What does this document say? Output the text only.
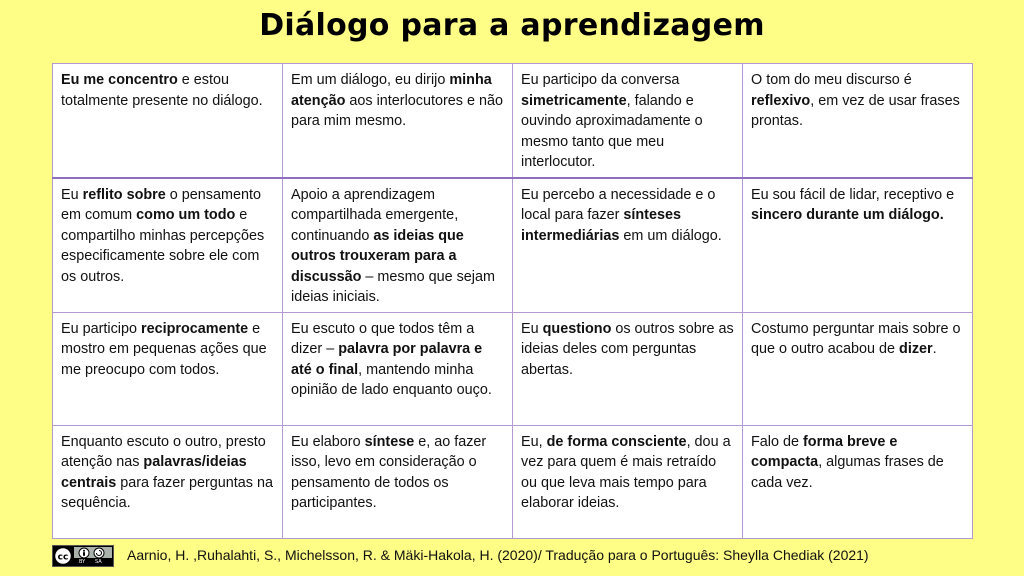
Diálogo para a aprendizagem
Eu me concentro e estou totalmente presente no diálogo.	Em um diálogo, eu dirijo minha atenção aos interlocutores e não para mim mesmo.	Eu participo da conversa simetricamente, falando e ouvindo aproximadamente o mesmo tanto que meu interlocutor.	O tom do meu discurso é reflexivo, em vez de usar frases prontas.
Eu reflito sobre o pensamento em comum como um todo e compartilho minhas percepções especificamente sobre ele com os outros.	Apoio a aprendizagem compartilhada emergente, continuando as ideias que outros trouxeram para a discussão – mesmo que sejam ideias iniciais.	Eu percebo a necessidade e o local para fazer sínteses intermediárias em um diálogo.	Eu sou fácil de lidar, receptivo e sincero durante um diálogo.
Eu participo reciprocamente e mostro em pequenas ações que me preocupo com todos.	Eu escuto o que todos têm a dizer – palavra por palavra e até o final, mantendo minha opinião de lado enquanto ouço.	Eu questiono os outros sobre as ideias deles com perguntas abertas.	Costumo perguntar mais sobre o que o outro acabou de dizer.
Enquanto escuto o outro, presto atenção nas palavras/ideias centrais para fazer perguntas na sequência.	Eu elaboro síntese e, ao fazer isso, levo em consideração o pensamento de todos os participantes.	Eu, de forma consciente, dou a vez para quem é mais retraído ou que leva mais tempo para elaborar ideias.	Falo de forma breve e compacta, algumas frases de cada vez.
cc BY SA Aarnio, H. ,Ruhalahti, S., Michelsson, R. & Mäki-Hakola, H. (2020)/ Tradução para o Português: Sheylla Chediak (2021)
